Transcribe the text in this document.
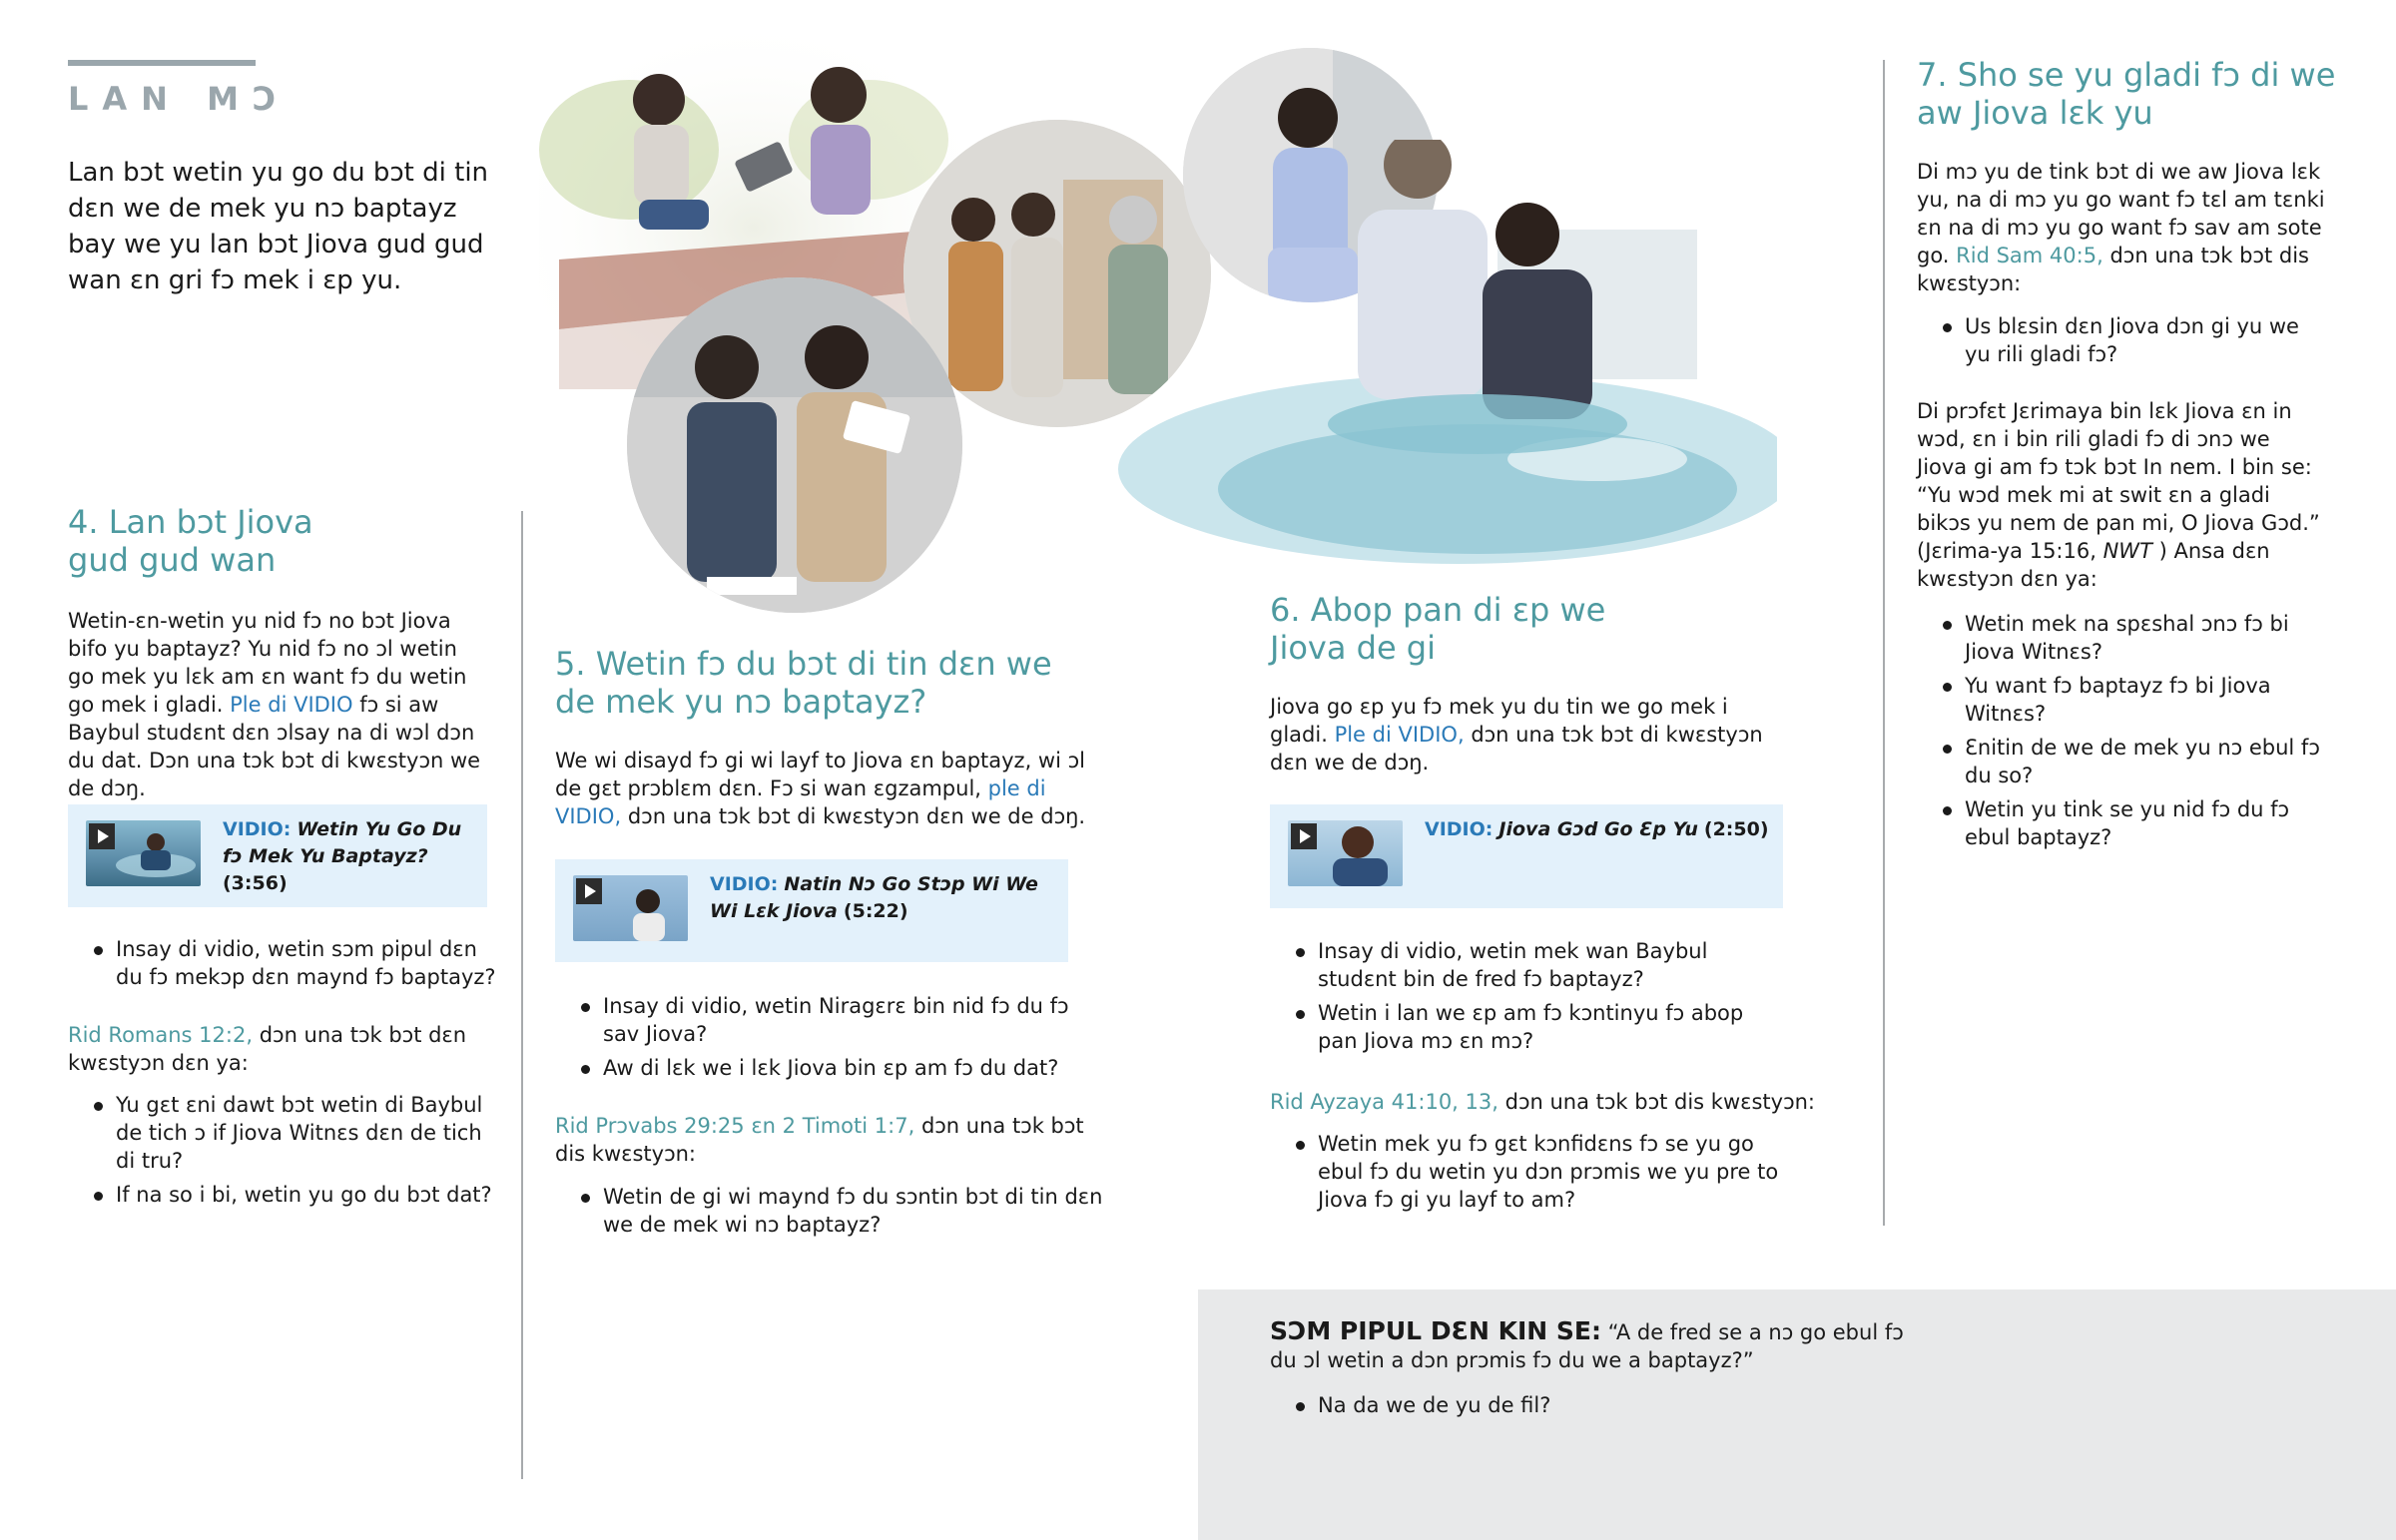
LAN MƆ
Lan bɔt wetin yu go du bɔt di tin dɛn we de mek yu nɔ baptayz bay we yu lan bɔt Jiova gud gud wan ɛn gri fɔ mek i ɛp yu.
4. Lan bɔt Jiova
gud gud wan
Wetin-ɛn-wetin yu nid fɔ no bɔt Jiova bifo yu baptayz? Yu nid fɔ no ɔl wetin go mek yu lɛk am ɛn want fɔ du wetin go mek i gladi. Ple di VIDIO fɔ si aw Baybul studɛnt dɛn ɔlsay na di wɔl dɔn du dat. Dɔn una tɔk bɔt di kwɛstyɔn we de dɔŋ.
VIDIO: Wetin Yu Go Du fɔ Mek Yu Baptayz? (3:56)
Insay di vidio, wetin sɔm pipul dɛn du fɔ mekɔp dɛn maynd fɔ baptayz?
Rid Romans 12:2, dɔn una tɔk bɔt dɛn kwɛstyɔn dɛn ya:
Yu gɛt ɛni dawt bɔt wetin di Baybul de tich ɔ if Jiova Witnɛs dɛn de tich di tru?
If na so i bi, wetin yu go du bɔt dat?
5. Wetin fɔ du bɔt di tin dɛn we
de mek yu nɔ baptayz?
We wi disayd fɔ gi wi layf to Jiova ɛn baptayz, wi ɔl de gɛt prɔblɛm dɛn. Fɔ si wan ɛgzampul, ple di VIDIO, dɔn una tɔk bɔt di kwɛstyɔn dɛn we de dɔŋ.
VIDIO: Natin Nɔ Go Stɔp Wi We Wi Lɛk Jiova (5:22)
Insay di vidio, wetin Niragɛrɛ bin nid fɔ du fɔ sav Jiova?
Aw di lɛk we i lɛk Jiova bin ɛp am fɔ du dat?
Rid Prɔvabs 29:25 ɛn 2 Timoti 1:7, dɔn una tɔk bɔt dis kwɛstyɔn:
Wetin de gi wi maynd fɔ du sɔntin bɔt di tin dɛn we de mek wi nɔ baptayz?
6. Abop pan di ɛp we
Jiova de gi
Jiova go ɛp yu fɔ mek yu du tin we go mek i gladi. Ple di VIDIO, dɔn una tɔk bɔt di kwɛstyɔn dɛn we de dɔŋ.
VIDIO: Jiova Gɔd Go Ɛp Yu (2:50)
Insay di vidio, wetin mek wan Baybul studɛnt bin de fred fɔ baptayz?
Wetin i lan we ɛp am fɔ kɔntinyu fɔ abop pan Jiova mɔ ɛn mɔ?
Rid Ayzaya 41:10, 13, dɔn una tɔk bɔt dis kwɛstyɔn:
Wetin mek yu fɔ gɛt kɔnfidɛns fɔ se yu go ebul fɔ du wetin yu dɔn prɔmis we yu pre to Jiova fɔ gi yu layf to am?
7. Sho se yu gladi fɔ di we
aw Jiova lɛk yu
Di mɔ yu de tink bɔt di we aw Jiova lɛk yu, na di mɔ yu go want fɔ tɛl am tɛnki ɛn na di mɔ yu go want fɔ sav am sote go. Rid Sam 40:5, dɔn una tɔk bɔt dis kwɛstyɔn:
Us blɛsin dɛn Jiova dɔn gi yu we yu rili gladi fɔ?
Di prɔfɛt Jɛrimaya bin lɛk Jiova ɛn in wɔd, ɛn i bin rili gladi fɔ di ɔnɔ we Jiova gi am fɔ tɔk bɔt In nem. I bin se: “Yu wɔd mek mi at swit ɛn a gladi bikɔs yu nem de pan mi, O Jiova Gɔd.” (Jɛrima-ya 15:16, NWT ) Ansa dɛn kwɛstyɔn dɛn ya:
Wetin mek na spɛshal ɔnɔ fɔ bi Jiova Witnɛs?
Yu want fɔ baptayz fɔ bi Jiova Witnɛs?
Ɛnitin de we de mek yu nɔ ebul fɔ du so?
Wetin yu tink se yu nid fɔ du fɔ ebul baptayz?
SƆM PIPUL DƐN KIN SE: “A de fred se a nɔ go ebul fɔ du ɔl wetin a dɔn prɔmis fɔ du we a baptayz?”
Na da we de yu de fil?
